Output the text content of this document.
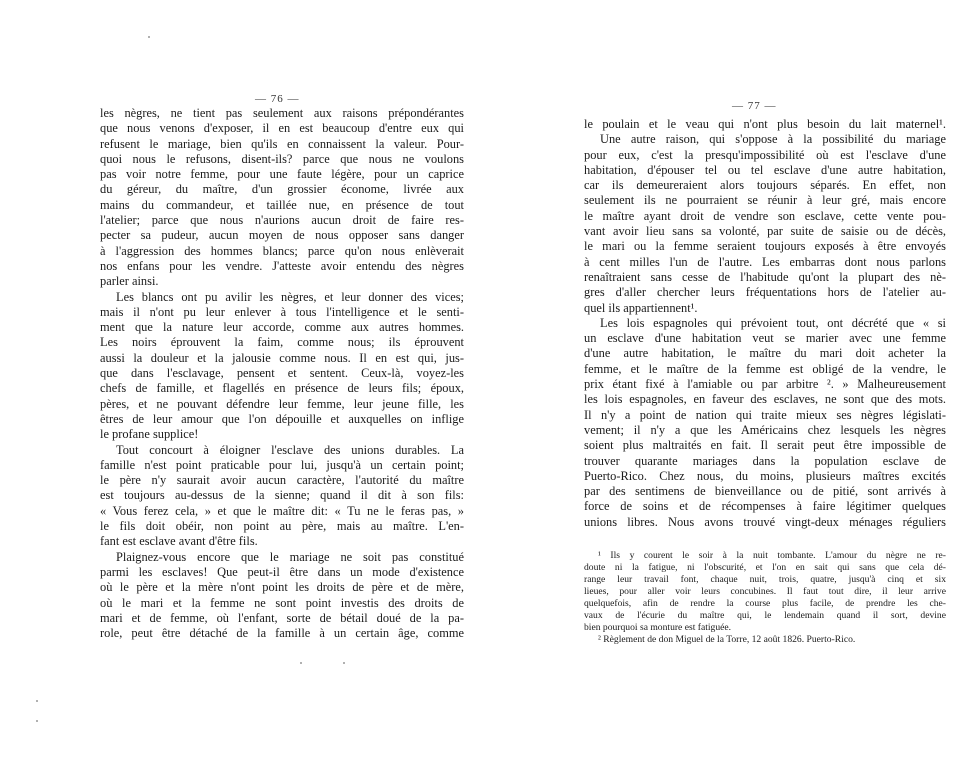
— 76 —
les nègres, ne tient pas seulement aux raisons prépondérantes
que nous venons d'exposer, il en est beaucoup d'entre eux qui
refusent le mariage, bien qu'ils en connaissent la valeur. Pour-
quoi nous le refusons, disent-ils? parce que nous ne voulons
pas voir notre femme, pour une faute légère, pour un caprice
du géreur, du maître, d'un grossier économe, livrée aux
mains du commandeur, et taillée nue, en présence de tout
l'atelier; parce que nous n'aurions aucun droit de faire res-
pecter sa pudeur, aucun moyen de nous opposer sans danger
à l'aggression des hommes blancs; parce qu'on nous enlèverait
nos enfans pour les vendre. J'atteste avoir entendu des nègres
parler ainsi.
Les blancs ont pu avilir les nègres, et leur donner des vices;
mais il n'ont pu leur enlever à tous l'intelligence et le senti-
ment que la nature leur accorde, comme aux autres hommes.
Les noirs éprouvent la faim, comme nous; ils éprouvent
aussi la douleur et la jalousie comme nous. Il en est qui, jus-
que dans l'esclavage, pensent et sentent. Ceux-là, voyez-les
chefs de famille, et flagellés en présence de leurs fils; époux,
pères, et ne pouvant défendre leur femme, leur jeune fille, les
êtres de leur amour que l'on dépouille et auxquelles on inflige
le profane supplice!
Tout concourt à éloigner l'esclave des unions durables. La
famille n'est point praticable pour lui, jusqu'à un certain point;
le père n'y saurait avoir aucun caractère, l'autorité du maître
est toujours au-dessus de la sienne; quand il dit à son fils:
« Vous ferez cela, » et que le maître dit: « Tu ne le feras pas, »
le fils doit obéir, non point au père, mais au maître. L'en-
fant est esclave avant d'être fils.
Plaignez-vous encore que le mariage ne soit pas constitué
parmi les esclaves! Que peut-il être dans un mode d'existence
où le père et la mère n'ont point les droits de père et de mère,
où le mari et la femme ne sont point investis des droits de
mari et de femme, où l'enfant, sorte de bétail doué de la pa-
role, peut être détaché de la famille à un certain âge, comme
— 77 —
le poulain et le veau qui n'ont plus besoin du lait maternel¹.
Une autre raison, qui s'oppose à la possibilité du mariage
pour eux, c'est la presqu'impossibilité où est l'esclave d'une
habitation, d'épouser tel ou tel esclave d'une autre habitation,
car ils demeureraient alors toujours séparés. En effet, non
seulement ils ne pourraient se réunir à leur gré, mais encore
le maître ayant droit de vendre son esclave, cette vente pou-
vant avoir lieu sans sa volonté, par suite de saisie ou de décès,
le mari ou la femme seraient toujours exposés à être envoyés
à cent milles l'un de l'autre. Les embarras dont nous parlons
renaîtraient sans cesse de l'habitude qu'ont la plupart des nè-
gres d'aller chercher leurs fréquentations hors de l'atelier au-
quel ils appartiennent¹.
Les lois espagnoles qui prévoient tout, ont décrété que « si
un esclave d'une habitation veut se marier avec une femme
d'une autre habitation, le maître du mari doit acheter la
femme, et le maître de la femme est obligé de la vendre, le
prix étant fixé à l'amiable ou par arbitre ². » Malheureusement
les lois espagnoles, en faveur des esclaves, ne sont que des mots.
Il n'y a point de nation qui traite mieux ses nègres législati-
vement; il n'y a que les Américains chez lesquels les nègres
soient plus maltraités en fait. Il serait peut être impossible de
trouver quarante mariages dans la population esclave de
Puerto-Rico. Chez nous, du moins, plusieurs maîtres excités
par des sentimens de bienveillance ou de pitié, sont arrivés à
force de soins et de récompenses à faire légitimer quelques
unions libres. Nous avons trouvé vingt-deux ménages réguliers
¹ Ils y courent le soir à la nuit tombante. L'amour du nègre ne re-
doute ni la fatigue, ni l'obscurité, et l'on en sait qui sans que cela dé-
range leur travail font, chaque nuit, trois, quatre, jusqu'à cinq et six
lieues, pour aller voir leurs concubines. Il faut tout dire, il leur arrive
quelquefois, afin de rendre la course plus facile, de prendre les che-
vaux de l'écurie du maître qui, le lendemain quand il sort, devine
bien pourquoi sa monture est fatiguée.
² Règlement de don Miguel de la Torre, 12 août 1826. Puerto-Rico.
